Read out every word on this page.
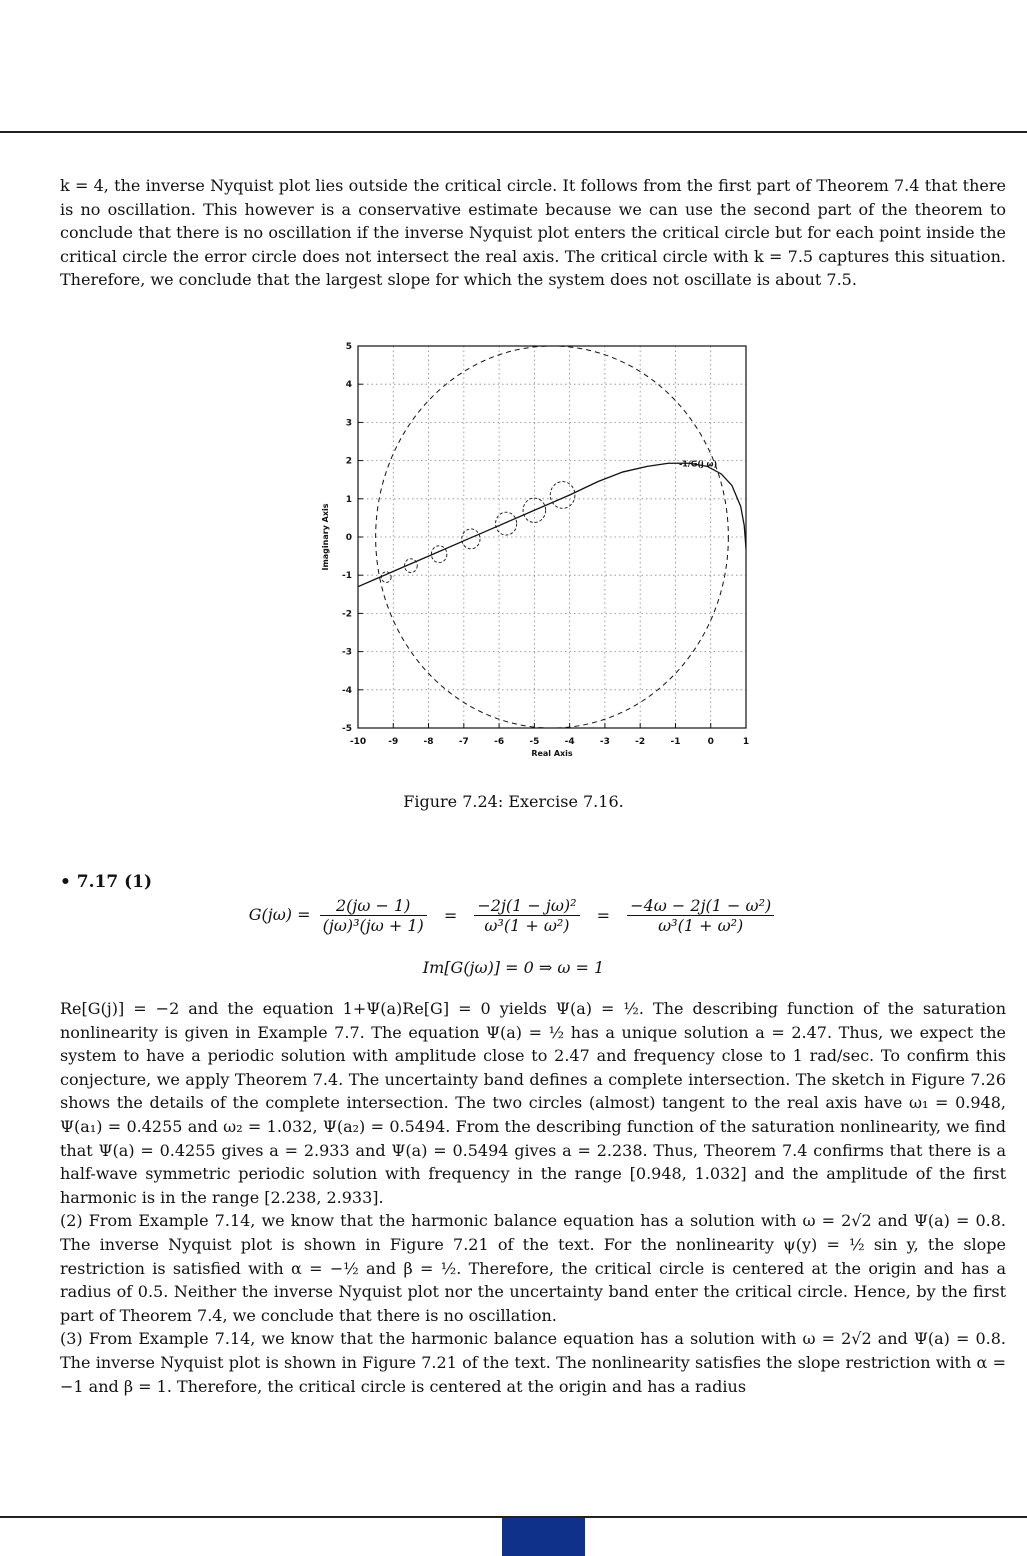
k = 4, the inverse Nyquist plot lies outside the critical circle. It follows from the first part of Theorem 7.4 that there is no oscillation. This however is a conservative estimate because we can use the second part of the theorem to conclude that there is no oscillation if the inverse Nyquist plot enters the critical circle but for each point inside the critical circle the error circle does not intersect the real axis. The critical circle with k = 7.5 captures this situation. Therefore, we conclude that the largest slope for which the system does not oscillate is about 7.5.

-10 -9	-8	-7	-6	-5	-4	-3	-2	-1	0	1
5
4
3
2
1
0
-1
-2
-3
-4
-5
Real Axis
Imaginary Axis
-1/G(j ω)
Figure 7.24: Exercise 7.16.
• 7.17 (1)
$G(j\omega) = \frac{2(j\omega - 1)}{\text{(jω)³(jω + 1)}} = \frac{\text{−2j(1 − jω)²}}{\text{ω³(1 + ω²)}} = \frac{\text{−4ω − 2j(1 − ω²)}}{\text{ω³(1 + ω²)}}$
Im[G(jω)] = 0 ⇒ ω = 1

Re[G(j)] = −2 and the equation 1+Ψ(a)Re[G] = 0 yields Ψ(a) = ½. The describing function of the saturation nonlinearity is given in Example 7.7. The equation Ψ(a) = ½ has a unique solution a = 2.47. Thus, we expect the system to have a periodic solution with amplitude close to 2.47 and frequency close to 1 rad/sec. To confirm this conjecture, we apply Theorem 7.4. The uncertainty band defines a complete intersection. The sketch in Figure 7.26 shows the details of the complete intersection. The two circles (almost) tangent to the real axis have ω₁ = 0.948, Ψ(a₁) = 0.4255 and ω₂ = 1.032, Ψ(a₂) = 0.5494. From the describing function of the saturation nonlinearity, we find that Ψ(a) = 0.4255 gives a = 2.933 and Ψ(a) = 0.5494 gives a = 2.238. Thus, Theorem 7.4 confirms that there is a half-wave symmetric periodic solution with frequency in the range [0.948, 1.032] and the amplitude of the first harmonic is in the range [2.238, 2.933].

(2) From Example 7.14, we know that the harmonic balance equation has a solution with ω = 2√2 and Ψ(a) = 0.8. The inverse Nyquist plot is shown in Figure 7.21 of the text. For the nonlinearity ψ(y) = ½ sin y, the slope restriction is satisfied with α = −½ and β = ½. Therefore, the critical circle is centered at the origin and has a radius of 0.5. Neither the inverse Nyquist plot nor the uncertainty band enter the critical circle. Hence, by the first part of Theorem 7.4, we conclude that there is no oscillation.

(3) From Example 7.14, we know that the harmonic balance equation has a solution with ω = 2√2 and Ψ(a) = 0.8. The inverse Nyquist plot is shown in Figure 7.21 of the text. The nonlinearity satisfies the slope restriction with α = −1 and β = 1. Therefore, the critical circle is centered at the origin and has a radius
